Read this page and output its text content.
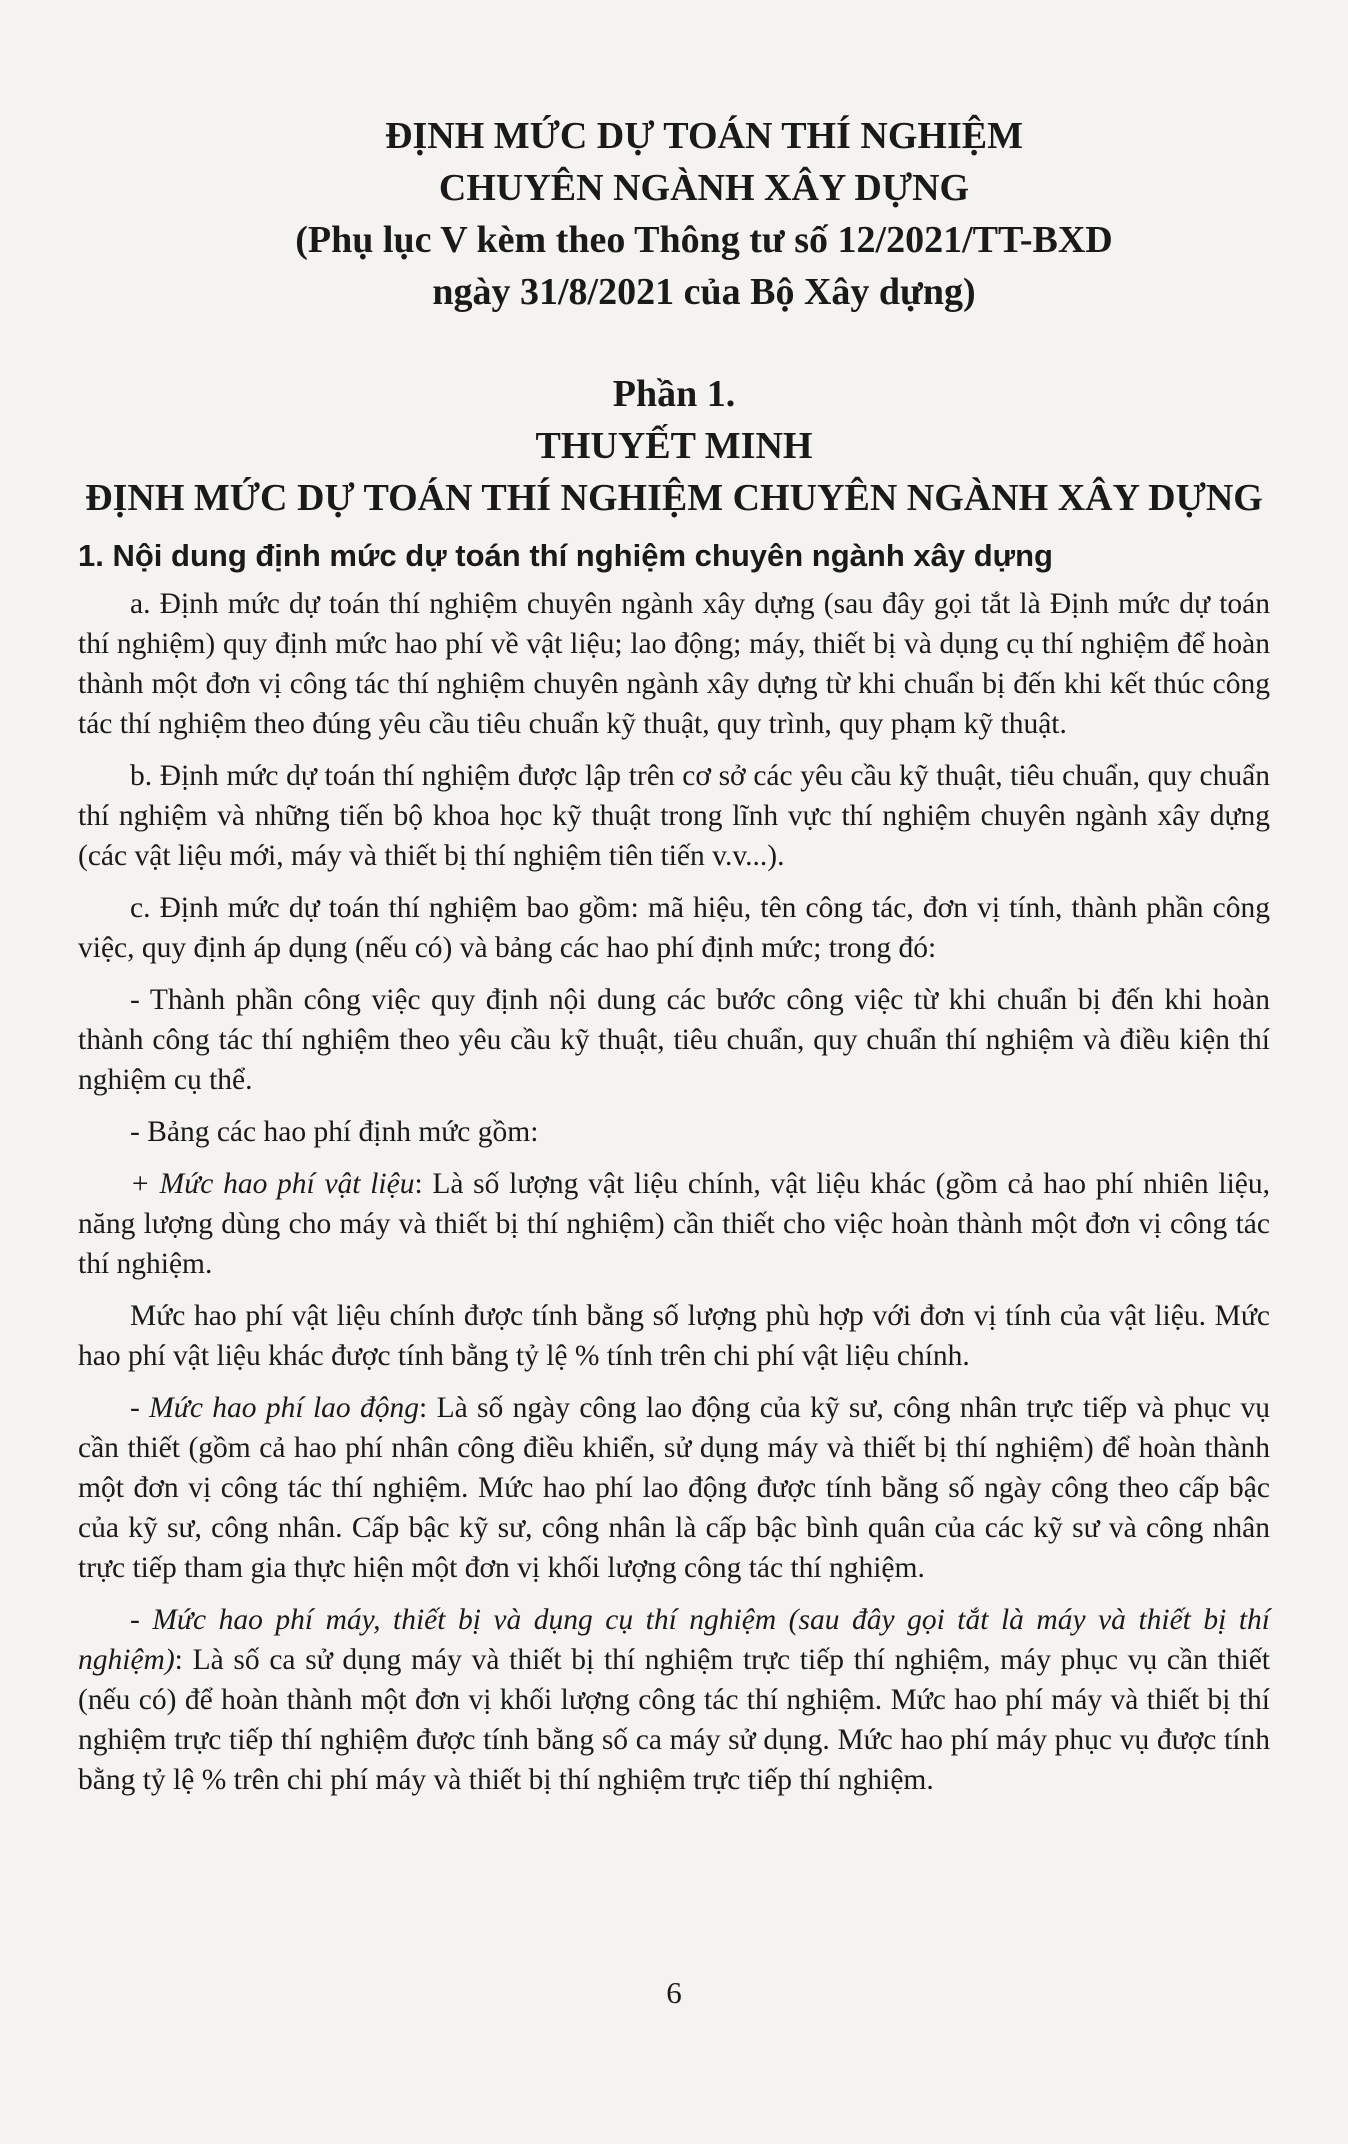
ĐỊNH MỨC DỰ TOÁN THÍ NGHIỆM
CHUYÊN NGÀNH XÂY DỰNG
(Phụ lục V kèm theo Thông tư số 12/2021/TT-BXD
ngày 31/8/2021 của Bộ Xây dựng)
Phần 1.
THUYẾT MINH
ĐỊNH MỨC DỰ TOÁN THÍ NGHIỆM CHUYÊN NGÀNH XÂY DỰNG
1. Nội dung định mức dự toán thí nghiệm chuyên ngành xây dựng

a. Định mức dự toán thí nghiệm chuyên ngành xây dựng (sau đây gọi tắt là Định mức dự toán thí nghiệm) quy định mức hao phí về vật liệu; lao động; máy, thiết bị và dụng cụ thí nghiệm để hoàn thành một đơn vị công tác thí nghiệm chuyên ngành xây dựng từ khi chuẩn bị đến khi kết thúc công tác thí nghiệm theo đúng yêu cầu tiêu chuẩn kỹ thuật, quy trình, quy phạm kỹ thuật.

b. Định mức dự toán thí nghiệm được lập trên cơ sở các yêu cầu kỹ thuật, tiêu chuẩn, quy chuẩn thí nghiệm và những tiến bộ khoa học kỹ thuật trong lĩnh vực thí nghiệm chuyên ngành xây dựng (các vật liệu mới, máy và thiết bị thí nghiệm tiên tiến v.v...).

c. Định mức dự toán thí nghiệm bao gồm: mã hiệu, tên công tác, đơn vị tính, thành phần công việc, quy định áp dụng (nếu có) và bảng các hao phí định mức; trong đó:

- Thành phần công việc quy định nội dung các bước công việc từ khi chuẩn bị đến khi hoàn thành công tác thí nghiệm theo yêu cầu kỹ thuật, tiêu chuẩn, quy chuẩn thí nghiệm và điều kiện thí nghiệm cụ thể.

- Bảng các hao phí định mức gồm:

+ Mức hao phí vật liệu: Là số lượng vật liệu chính, vật liệu khác (gồm cả hao phí nhiên liệu, năng lượng dùng cho máy và thiết bị thí nghiệm) cần thiết cho việc hoàn thành một đơn vị công tác thí nghiệm.

Mức hao phí vật liệu chính được tính bằng số lượng phù hợp với đơn vị tính của vật liệu. Mức hao phí vật liệu khác được tính bằng tỷ lệ % tính trên chi phí vật liệu chính.

- Mức hao phí lao động: Là số ngày công lao động của kỹ sư, công nhân trực tiếp và phục vụ cần thiết (gồm cả hao phí nhân công điều khiển, sử dụng máy và thiết bị thí nghiệm) để hoàn thành một đơn vị công tác thí nghiệm. Mức hao phí lao động được tính bằng số ngày công theo cấp bậc của kỹ sư, công nhân. Cấp bậc kỹ sư, công nhân là cấp bậc bình quân của các kỹ sư và công nhân trực tiếp tham gia thực hiện một đơn vị khối lượng công tác thí nghiệm.

- Mức hao phí máy, thiết bị và dụng cụ thí nghiệm (sau đây gọi tắt là máy và thiết bị thí nghiệm): Là số ca sử dụng máy và thiết bị thí nghiệm trực tiếp thí nghiệm, máy phục vụ cần thiết (nếu có) để hoàn thành một đơn vị khối lượng công tác thí nghiệm. Mức hao phí máy và thiết bị thí nghiệm trực tiếp thí nghiệm được tính bằng số ca máy sử dụng. Mức hao phí máy phục vụ được tính bằng tỷ lệ % trên chi phí máy và thiết bị thí nghiệm trực tiếp thí nghiệm.

6
